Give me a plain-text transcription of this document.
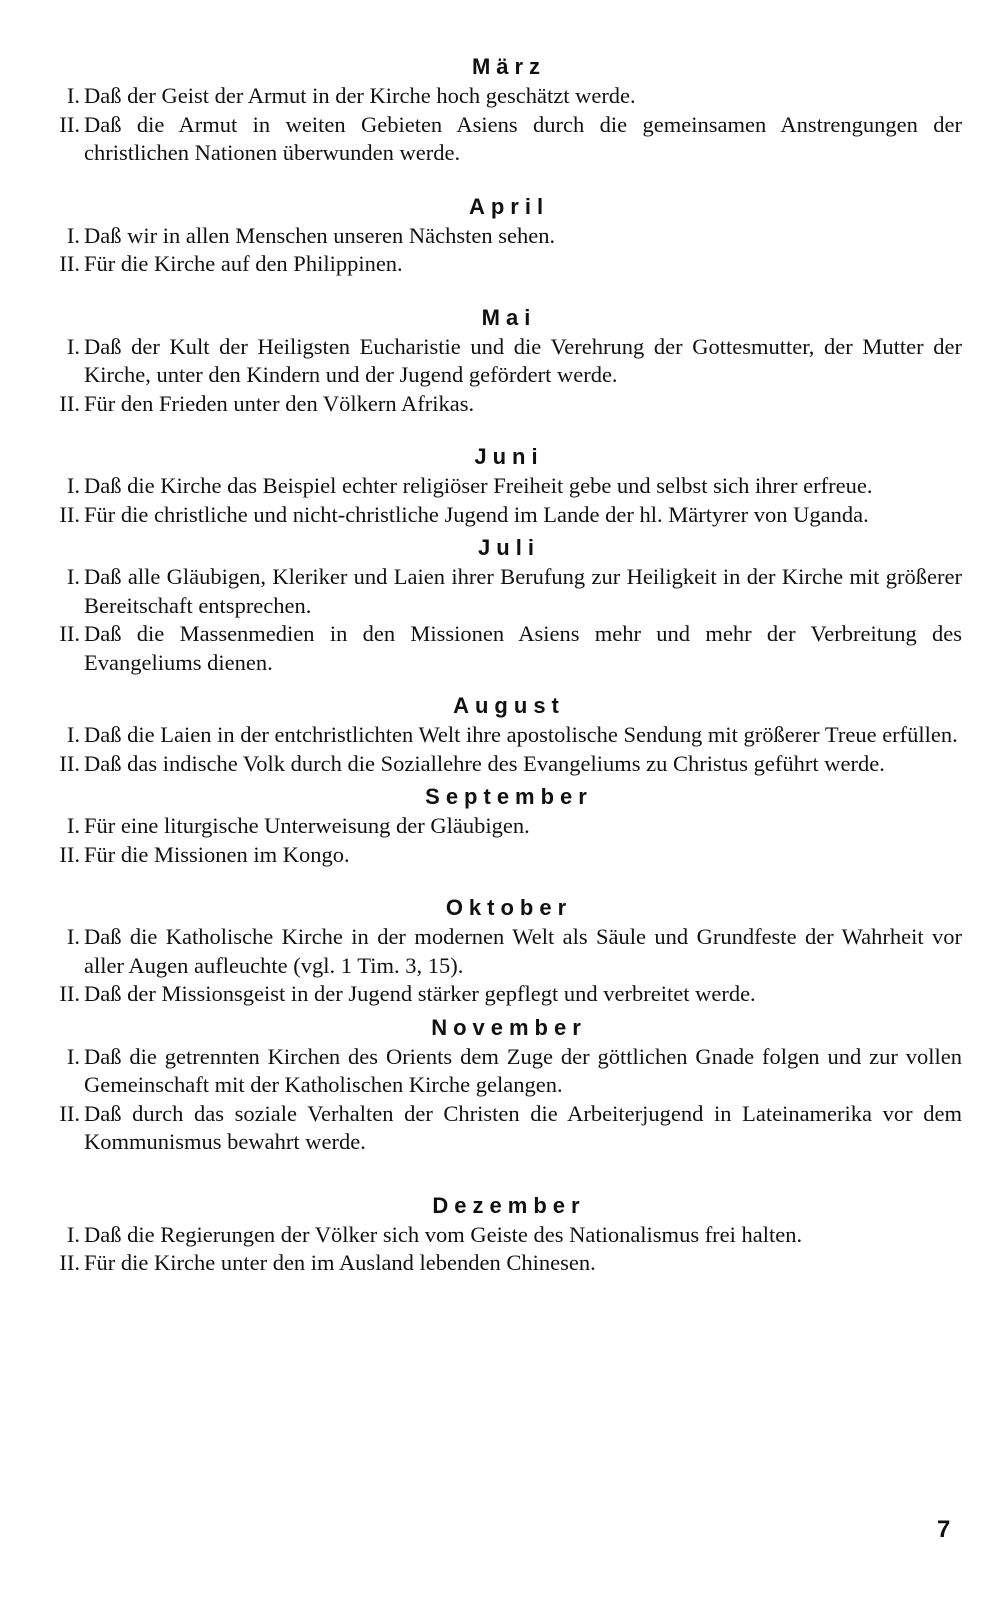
März
I. Daß der Geist der Armut in der Kirche hoch geschätzt werde.
II. Daß die Armut in weiten Gebieten Asiens durch die gemeinsamen Anstrengungen der christlichen Nationen überwunden werde.
April
I. Daß wir in allen Menschen unseren Nächsten sehen.
II. Für die Kirche auf den Philippinen.
Mai
I. Daß der Kult der Heiligsten Eucharistie und die Verehrung der Gottesmutter, der Mutter der Kirche, unter den Kindern und der Jugend gefördert werde.
II. Für den Frieden unter den Völkern Afrikas.
Juni
I. Daß die Kirche das Beispiel echter religiöser Freiheit gebe und selbst sich ihrer erfreue.
II. Für die christliche und nicht-christliche Jugend im Lande der hl. Märtyrer von Uganda.
Juli
I. Daß alle Gläubigen, Kleriker und Laien ihrer Berufung zur Heiligkeit in der Kirche mit größerer Bereitschaft entsprechen.
II. Daß die Massenmedien in den Missionen Asiens mehr und mehr der Verbreitung des Evangeliums dienen.
August
I. Daß die Laien in der entchristlichten Welt ihre apostolische Sendung mit größerer Treue erfüllen.
II. Daß das indische Volk durch die Soziallehre des Evangeliums zu Christus geführt werde.
September
I. Für eine liturgische Unterweisung der Gläubigen.
II. Für die Missionen im Kongo.
Oktober
I. Daß die Katholische Kirche in der modernen Welt als Säule und Grundfeste der Wahrheit vor aller Augen aufleuchte (vgl. 1 Tim. 3, 15).
II. Daß der Missionsgeist in der Jugend stärker gepflegt und verbreitet werde.
November
I. Daß die getrennten Kirchen des Orients dem Zuge der göttlichen Gnade folgen und zur vollen Gemeinschaft mit der Katholischen Kirche gelangen.
II. Daß durch das soziale Verhalten der Christen die Arbeiterjugend in Lateinamerika vor dem Kommunismus bewahrt werde.
Dezember
I. Daß die Regierungen der Völker sich vom Geiste des Nationalismus frei halten.
II. Für die Kirche unter den im Ausland lebenden Chinesen.
7
